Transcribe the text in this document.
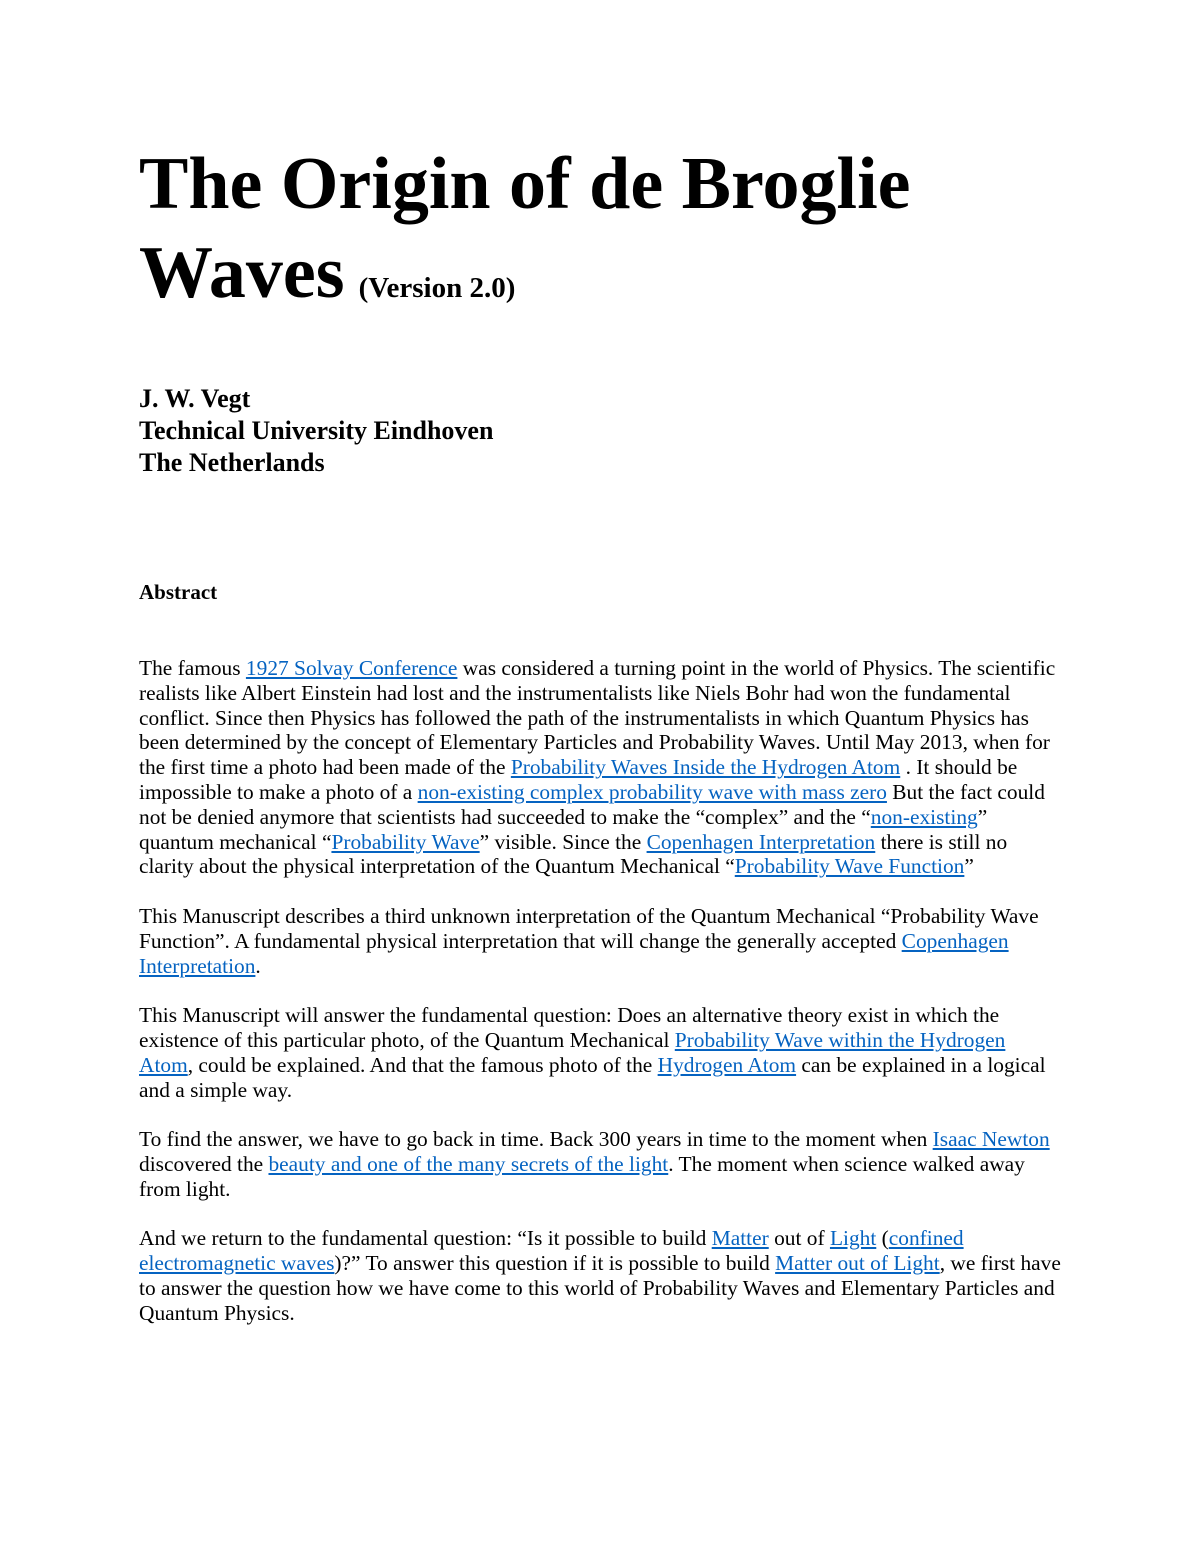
The Origin of de Broglie Waves (Version 2.0)
J. W. Vegt
Technical University Eindhoven
The Netherlands
Abstract

The famous 1927 Solvay Conference was considered a turning point in the world of Physics. The scientific realists like Albert Einstein had lost and the instrumentalists like Niels Bohr had won the fundamental conflict. Since then Physics has followed the path of the instrumentalists in which Quantum Physics has been determined by the concept of Elementary Particles and Probability Waves. Until May 2013, when for the first time a photo had been made of the Probability Waves Inside the Hydrogen Atom . It should be impossible to make a photo of a non-existing complex probability wave with mass zero But the fact could not be denied anymore that scientists had succeeded to make the “complex” and the “non-existing” quantum mechanical “Probability Wave” visible. Since the Copenhagen Interpretation there is still no clarity about the physical interpretation of the Quantum Mechanical “Probability Wave Function”

This Manuscript describes a third unknown interpretation of the Quantum Mechanical “Probability Wave Function”. A fundamental physical interpretation that will change the generally accepted Copenhagen Interpretation.

This Manuscript will answer the fundamental question: Does an alternative theory exist in which the existence of this particular photo, of the Quantum Mechanical Probability Wave within the Hydrogen Atom, could be explained. And that the famous photo of the Hydrogen Atom can be explained in a logical and a simple way.

To find the answer, we have to go back in time. Back 300 years in time to the moment when Isaac Newton discovered the beauty and one of the many secrets of the light. The moment when science walked away from light.

And we return to the fundamental question: “Is it possible to build Matter out of Light (confined electromagnetic waves)?” To answer this question if it is possible to build Matter out of Light, we first have to answer the question how we have come to this world of Probability Waves and Elementary Particles and Quantum Physics.
